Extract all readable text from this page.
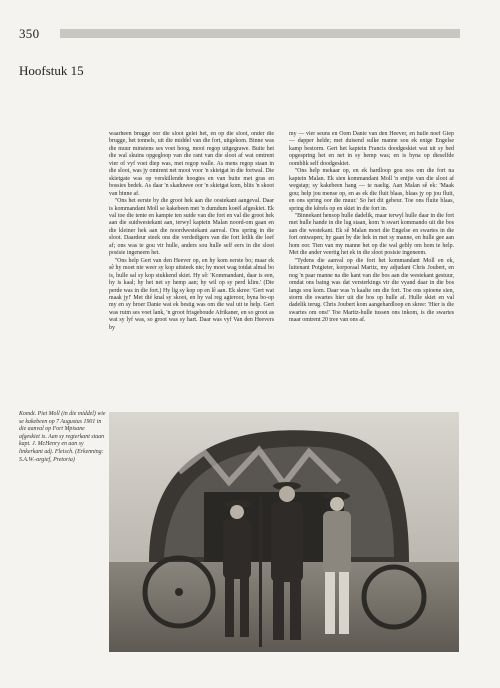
350
Hoofstuk 15

waarheen brugge oor die sloot gelei het, en op die sloot, onder die brugge, het tonnels, uit die middel van die fort, uitgekom. Binne was die muur minstens ses voet hoog, mooi regop uitgegrawe. Buite het die wal skuins opgegloop van die rant van die sloot af wat omtrent vier of vyf voet diep was, met regop walle. As mens regop staan in die sloot, was jy omtrent net mooi voor 'n skietgat in die fortwal. Die skietgate was op verskillende hoogtes en van buite met gras en bossies bedek. As daar 'n skaduwee oor 'n skietgat kom, blits 'n skoot van binne af.

''Ons het eerste by die groot hek aan die oostekant aangeval. Daar is kommandant Moll se kakebeen met 'n dumdum koeël afgeskiet. Ek val toe die tente en kampie ten suide van die fort en val die groot hek aan die suidwestekant aan, terwyl kaptein Malan noord-om gaan en die kleiner hek aan die noordwestekant aanval. Ons spring in die sloot. Daardeur steek ons die verdedigers van die fort letlik die loef af; ons was te gou vir hulle, anders sou hulle self eers in die sloot posisie ingeneem het.

''Ons help Gert van den Heever op, en hy kom eerste bo; maar ek sê hy moet nie weer sy kop uitsteek nie; hy moet wag totdat almal bo is, hulle sal sy kop stukkend skiet. Hy sê: 'Kommandant, daar is een, hy is kaal; hy het net sy hemp aan; hy wil op sy perd klim.' (Die perde was in die fort.) Hy lig sy kop op en lê aan. Ek skree: 'Gert wat maak jy!' Met dié knal sy skoot, en hy val reg agteroor, byna bo-op my en sy broer Danie wat ek bestig was om die wal uit te help. Gert was ruim ses voet lank, 'n groot frisgeboude Afrikaner, en so groot as wat sy lyf was, so groot was sy hart. Daar was vyf Van den Heevers by

my — vier seuns en Oom Danie van den Heever, en hulle noef Giep — dapper helde; met duisend sulke manne sou ek enige Engelse kamp bestorm. Gert het kaptein Francis doodgeskiet wat uit sy bed opgespring het en net in sy hemp was; en is byna op dieselfde oomblik self doodgeskiet.

''Ons help mekaar op, en ek hardloop gou oos om die fort na kaptein Malan. Ek sien kommandant Moll 'n entjie van die sloot af wegstap; sy kakebeen hang — te naelig. Aan Malan sê ek: 'Maak gou; help jou mense op, en as ek die fluit blaas, blaas jy op jou fluit, en ons spring oor die muur.' So het dit gebeur. Toe ons fluite blaas, spring die kêrels op en skiet in die fort in.

''Binnekant hensop hulle dadelik, maar terwyl hulle daar in die fort met hulle hande in die lug staan, kom 'n swart kommando uit die bos aan die westekant. Ek sê Malan moet die Engelse en swartes in die fort ontwapen; hy gaan by die hek in met sy manne, en hulle gee aan hom oor. Tien van my manne het op die wal gebly om hom te help. Met die ander veertig het ek in die sloot posisie ingeneem.

''Tydens die aanval op die fort het kommandant Moll en ek, luitenant Potgieter, korporaal Maritz, my adjudant Chris Joubert, en nog 'n paar manne na die kant van die bos aan die westekant gestuur, omdat ons baing was dat versterkings vir die vyand daar in die bos langs sou kom. Daar was 'n kaalte om die fort. Toe ons spioene sien, storm die swartes hier uit die bos op hulle af. Hulle skiet en val dadelik terug. Chris Joubert kom aangehardloop en skree: 'Hier is die swartes om ons!' Toe Maritz-hulle tussen ons inkom, is die swartes maar omtrent 20 tree van ons af.

Komdt. Piet Moll (in die middel) wie se kakebeen op 7 Augustus 1901 in die aanval op Fort Mpisane afgeskiet is. Aan sy regterkant staan kapt. J. McHenry en aan sy linkerkant adj. Fleisch. (Erkenning: S.A.W.-argief, Pretoria)
